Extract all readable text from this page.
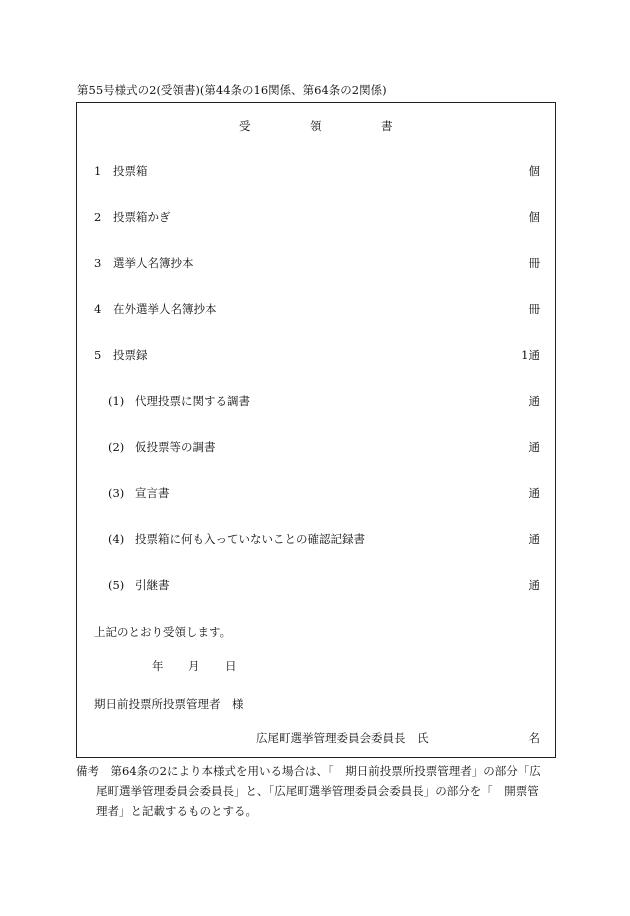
第55号様式の2(受領書)(第44条の16関係、第64条の2関係)
受	領	書
1 投票箱	個
2 投票箱かぎ	個
3 選挙人名簿抄本	冊
4 在外選挙人名簿抄本	冊
5 投票録	1通
(1) 代理投票に関する調書	通
(2) 仮投票等の調書	通
(3) 宣言書	通
(4) 投票箱に何も入っていないことの確認記録書	通
(5) 引継書	通
上記のとおり受領します。
年 月 日
期日前投票所投票管理者　様
広尾町選挙管理委員会委員長　氏	名
備考　第64条の2により本様式を用いる場合は、「　期日前投票所投票管理者」の部分「広
尾町選挙管理委員会委員長」と、「広尾町選挙管理委員会委員長」の部分を「　開票管
理者」と記載するものとする。
